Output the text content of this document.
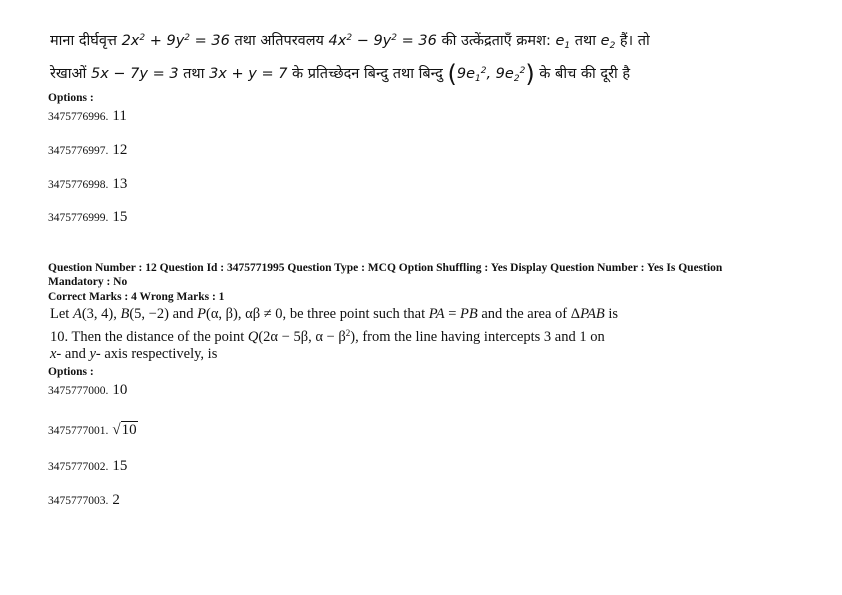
माना दीर्घवृत्त $2x^2 + 9y^2 = 36$ तथा अतिपरवलय $4x^2 - 9y^2 = 36$ की उत्केंद्रताएँ क्रमश: $e_1$ तथा $e_2$ हैं। तो
रेखाओं 5x − 7y = 3 तथा 3x + y = 7 के प्रतिच्छेदन बिन्दु तथा बिन्दु ($9e_1^2$, $9e_2^2$) के बीच की दूरी है
Options :
3475776996. 11
3475776997. 12
3475776998. 13
3475776999. 15
Question Number : 12 Question Id : 3475771995 Question Type : MCQ Option Shuffling : Yes Display Question Number : Yes Is Question
Mandatory : No
Correct Marks : 4 Wrong Marks : 1
Let A(3, 4), B(5, −2) and P(α, β), αβ ≠ 0, be three point such that PA = PB and the area of ΔPAB is
10. Then the distance of the point Q(2α − 5β, $\alpha - \beta^2$), from the line having intercepts 3 and 1 on
x- and y- axis respectively, is
Options :
3475777000. 10
3475777001. √10
3475777002. 15
3475777003. 2
